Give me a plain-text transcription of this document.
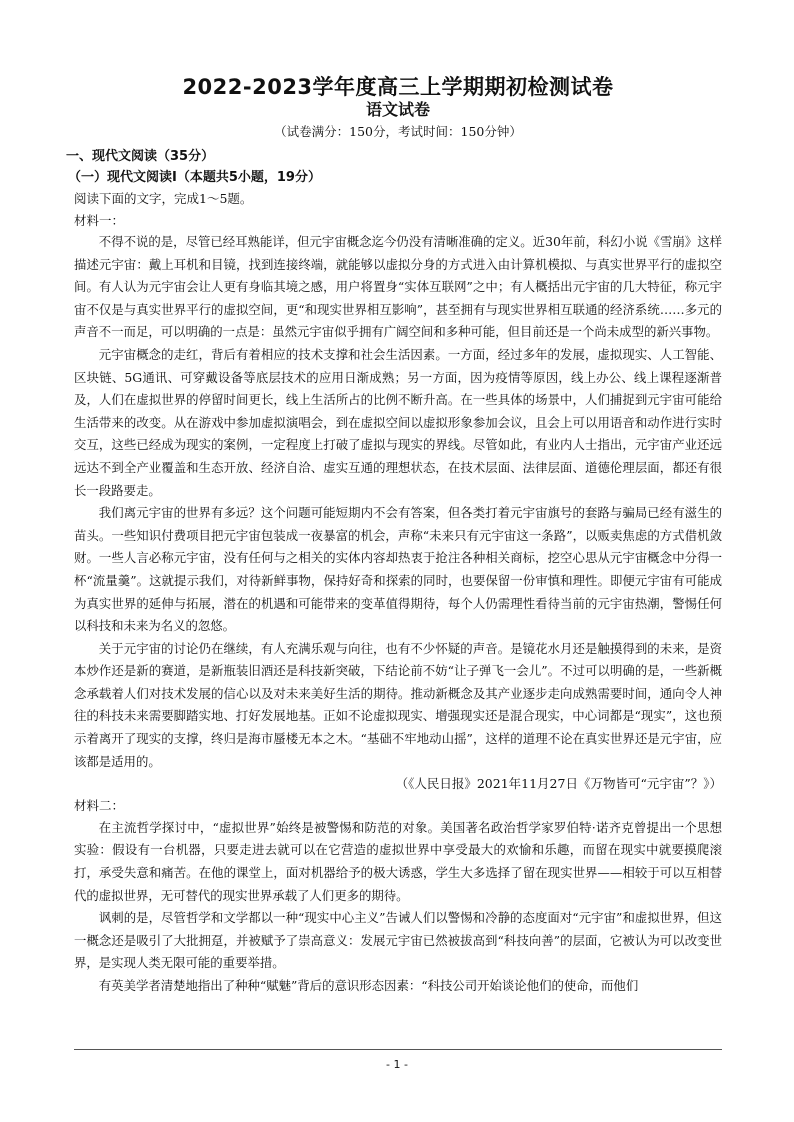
2022-2023学年度高三上学期期初检测试卷
语文试卷

（试卷满分：150分，考试时间：150分钟）

一、现代文阅读（35分）

（一）现代文阅读Ⅰ（本题共5小题，19分）

阅读下面的文字，完成1～5题。

材料一：

不得不说的是，尽管已经耳熟能详，但元宇宙概念迄今仍没有清晰准确的定义。近30年前，科幻小说《雪崩》这样描述元宇宙：戴上耳机和目镜，找到连接终端，就能够以虚拟分身的方式进入由计算机模拟、与真实世界平行的虚拟空间。有人认为元宇宙会让人更有身临其境之感，用户将置身“实体互联网”之中；有人概括出元宇宙的几大特征，称元宇宙不仅是与真实世界平行的虚拟空间，更“和现实世界相互影响”，甚至拥有与现实世界相互联通的经济系统……多元的声音不一而足，可以明确的一点是：虽然元宇宙似乎拥有广阔空间和多种可能，但目前还是一个尚未成型的新兴事物。

元宇宙概念的走红，背后有着相应的技术支撑和社会生活因素。一方面，经过多年的发展，虚拟现实、人工智能、区块链、5G通讯、可穿戴设备等底层技术的应用日渐成熟；另一方面，因为疫情等原因，线上办公、线上课程逐渐普及，人们在虚拟世界的停留时间更长，线上生活所占的比例不断升高。在一些具体的场景中，人们捕捉到元宇宙可能给生活带来的改变。从在游戏中参加虚拟演唱会，到在虚拟空间以虚拟形象参加会议，且会上可以用语音和动作进行实时交互，这些已经成为现实的案例，一定程度上打破了虚拟与现实的界线。尽管如此，有业内人士指出，元宇宙产业还远远达不到全产业覆盖和生态开放、经济自洽、虚实互通的理想状态，在技术层面、法律层面、道德伦理层面，都还有很长一段路要走。

我们离元宇宙的世界有多远？这个问题可能短期内不会有答案，但各类打着元宇宙旗号的套路与骗局已经有滋生的苗头。一些知识付费项目把元宇宙包装成一夜暴富的机会，声称“未来只有元宇宙这一条路”，以贩卖焦虑的方式借机敛财。一些人言必称元宇宙，没有任何与之相关的实体内容却热衷于抢注各种相关商标，挖空心思从元宇宙概念中分得一杯“流量羹”。这就提示我们，对待新鲜事物，保持好奇和探索的同时，也要保留一份审慎和理性。即便元宇宙有可能成为真实世界的延伸与拓展，潜在的机遇和可能带来的变革值得期待，每个人仍需理性看待当前的元宇宙热潮，警惕任何以科技和未来为名义的忽悠。

关于元宇宙的讨论仍在继续，有人充满乐观与向往，也有不少怀疑的声音。是镜花水月还是触摸得到的未来，是资本炒作还是新的赛道，是新瓶装旧酒还是科技新突破，下结论前不妨“让子弹飞一会儿”。不过可以明确的是，一些新概念承载着人们对技术发展的信心以及对未来美好生活的期待。推动新概念及其产业逐步走向成熟需要时间，通向令人神往的科技未来需要脚踏实地、打好发展地基。正如不论虚拟现实、增强现实还是混合现实，中心词都是“现实”，这也预示着离开了现实的支撑，终归是海市蜃楼无本之木。“基础不牢地动山摇”，这样的道理不论在真实世界还是元宇宙，应该都是适用的。

（《人民日报》2021年11月27日《万物皆可“元宇宙”？》）

材料二：

在主流哲学探讨中，“虚拟世界”始终是被警惕和防范的对象。美国著名政治哲学家罗伯特·诺齐克曾提出一个思想实验：假设有一台机器，只要走进去就可以在它营造的虚拟世界中享受最大的欢愉和乐趣，而留在现实中就要摸爬滚打，承受失意和痛苦。在他的课堂上，面对机器给予的极大诱惑，学生大多选择了留在现实世界——相较于可以互相替代的虚拟世界，无可替代的现实世界承载了人们更多的期待。

讽刺的是，尽管哲学和文学都以一种“现实中心主义”告诫人们以警惕和冷静的态度面对“元宇宙”和虚拟世界，但这一概念还是吸引了大批拥趸，并被赋予了崇高意义：发展元宇宙已然被拔高到“科技向善”的层面，它被认为可以改变世界，是实现人类无限可能的重要举措。

有英美学者清楚地指出了种种“赋魅”背后的意识形态因素：“科技公司开始谈论他们的使命，而他们

- 1 -
